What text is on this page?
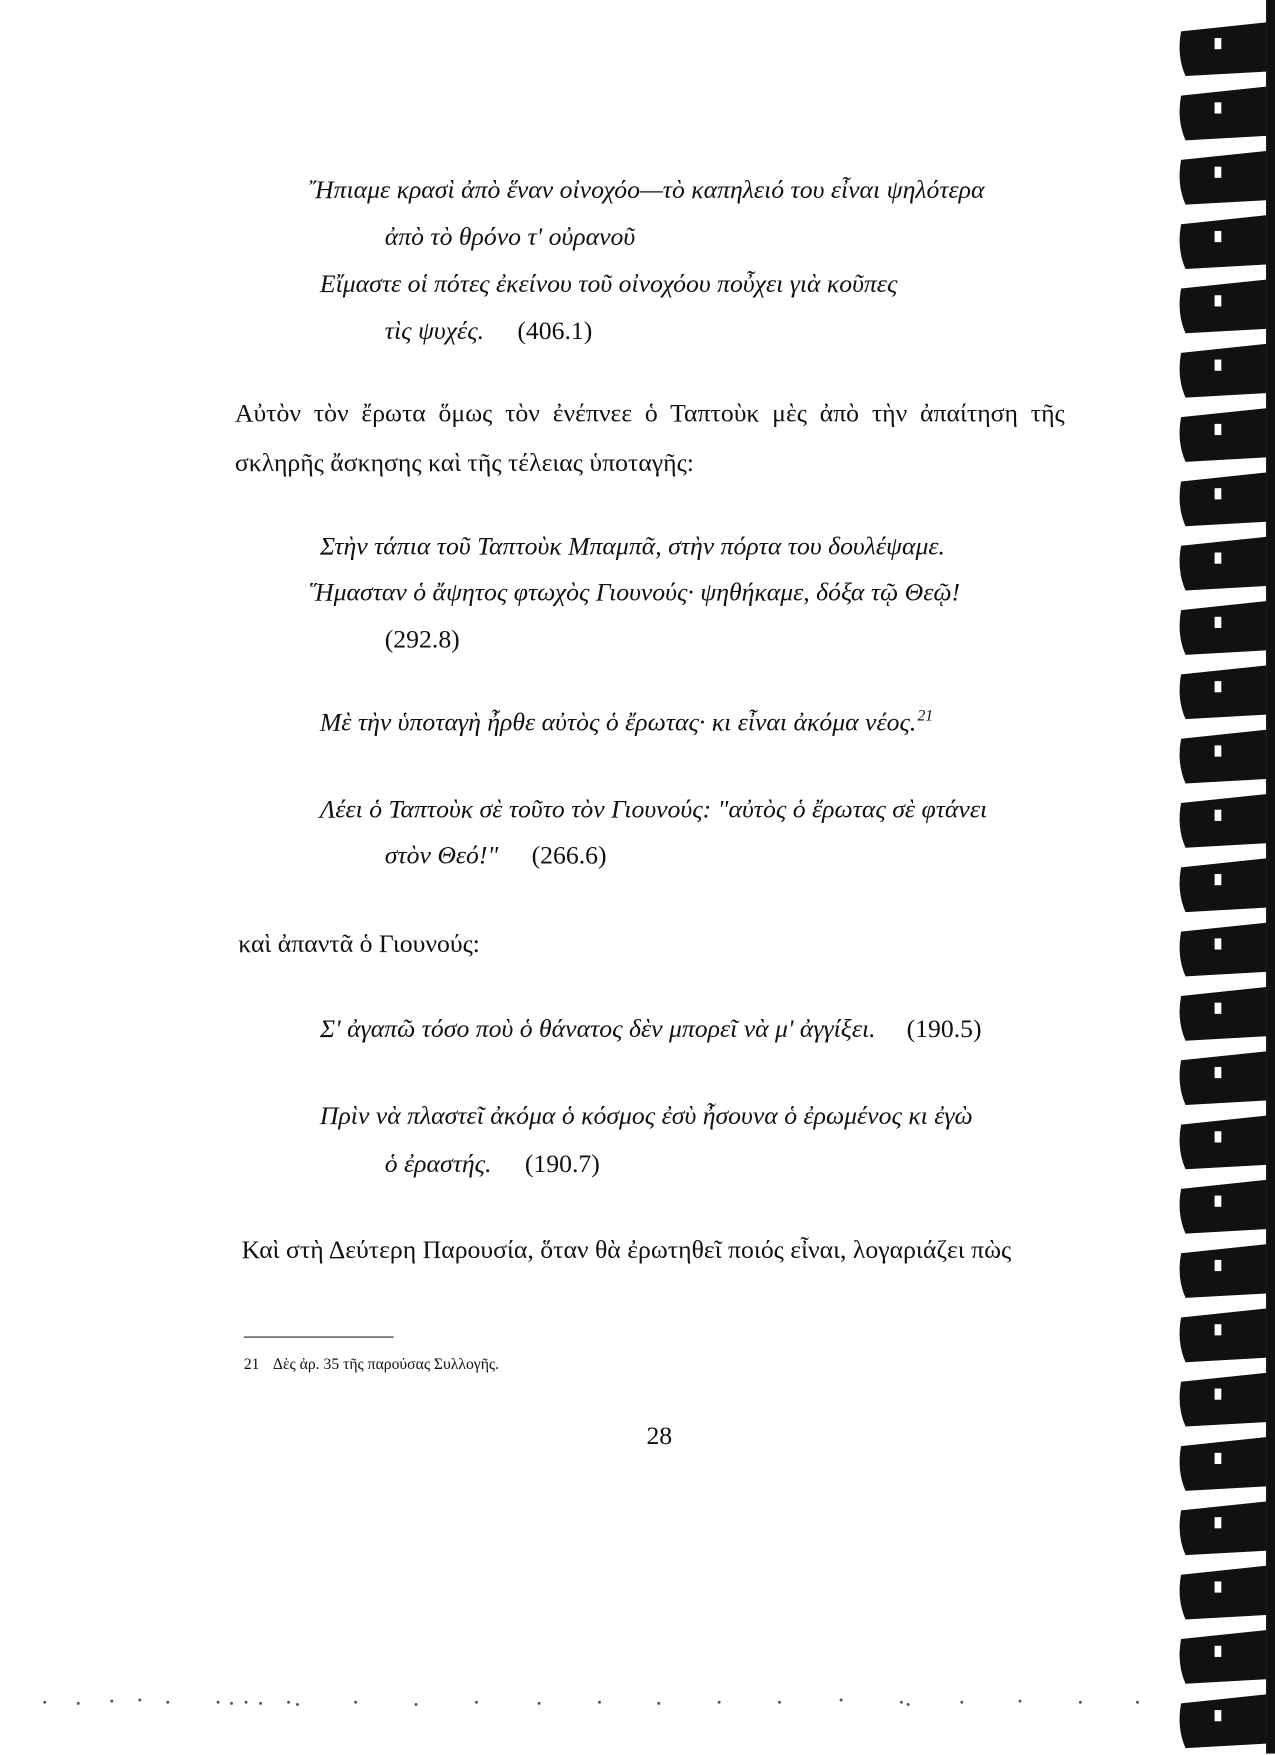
῎Ηπιαμε κρασὶ ἀπὸ ἕναν οἰνοχόο—τὸ καπηλειό του εἶναι ψηλότερα
ἀπὸ τὸ θρόνο τ' οὐρανοῦ
Εἴμαστε οἱ πότες ἐκείνου τοῦ οἰνοχόου ποὖχει γιὰ κοῦπες
τὶς ψυχές. (406.1)
Αὐτὸν τὸν ἔρωτα ὅμως τὸν ἐνέπνεε ὁ Ταπτοὺκ μὲς ἀπὸ τὴν ἀπαίτηση τῆς
σκληρῆς ἄσκησης καὶ τῆς τέλειας ὑποταγῆς:
Στὴν τάπια τοῦ Ταπτοὺκ Μπαμπᾶ, στὴν πόρτα του δουλέψαμε.
῞Ημασταν ὁ ἄψητος φτωχὸς Γιουνούς· ψηθήκαμε, δόξα τῷ Θεῷ!
(292.8)
Μὲ τὴν ὑποταγὴ ἦρθε αὐτὸς ὁ ἔρωτας· κι εἶναι ἀκόμα νέος.$^{21}$
Λέει ὁ Ταπτοὺκ σὲ τοῦτο τὸν Γιουνούς: "αὐτὸς ὁ ἔρωτας σὲ φτάνει
στὸν Θεό!" (266.6)
καὶ ἀπαντᾶ ὁ Γιουνούς:
Σ' ἀγαπῶ τόσο ποὺ ὁ θάνατος δὲν μπορεῖ νὰ μ' ἀγγίξει. (190.5)
Πρὶν νὰ πλαστεῖ ἀκόμα ὁ κόσμος ἐσὺ ἦσουνα ὁ ἐρωμένος κι ἐγὼ
ὁ ἐραστής. (190.7)
Καὶ στὴ Δεύτερη Παρουσία, ὅταν θὰ ἐρωτηθεῖ ποιός εἶναι, λογαριάζει πὼς
21 Δὲς ἀρ. 35 τῆς παρούσας Συλλογῆς.
28
